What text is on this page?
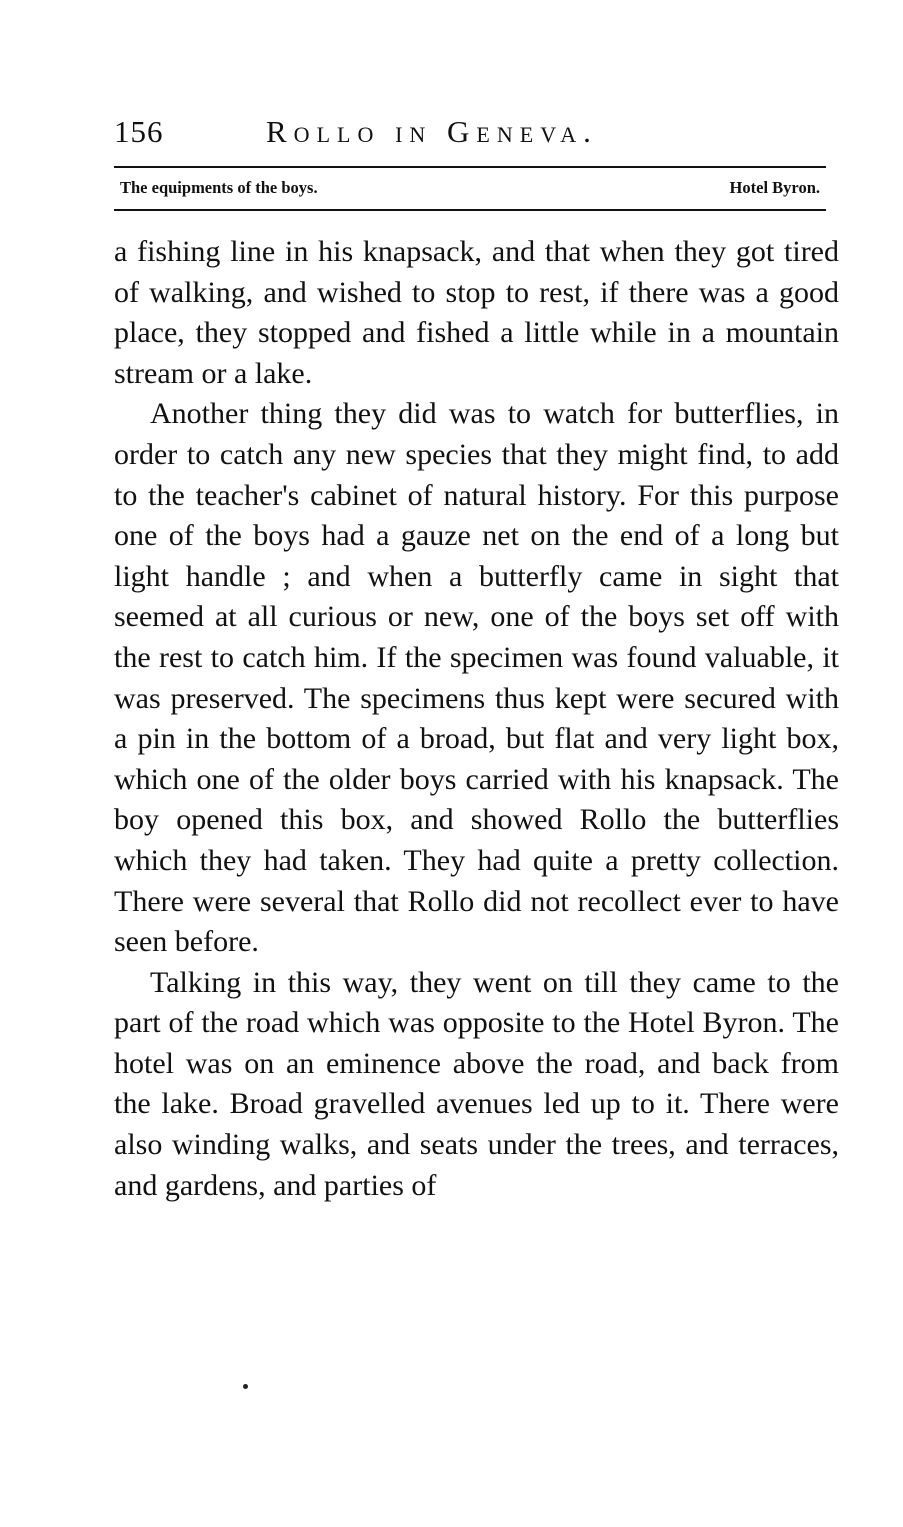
156	Rollo in Geneva.
The equipments of the boys.	Hotel Byron.

a fishing line in his knapsack, and that when they got tired of walking, and wished to stop to rest, if there was a good place, they stopped and fished a little while in a mountain stream or a lake.

Another thing they did was to watch for butterflies, in order to catch any new species that they might find, to add to the teacher's cabinet of natural history. For this purpose one of the boys had a gauze net on the end of a long but light handle ; and when a butterfly came in sight that seemed at all curious or new, one of the boys set off with the rest to catch him. If the specimen was found valuable, it was preserved. The specimens thus kept were secured with a pin in the bottom of a broad, but flat and very light box, which one of the older boys carried with his knapsack. The boy opened this box, and showed Rollo the butterflies which they had taken. They had quite a pretty collection. There were several that Rollo did not recollect ever to have seen before.

Talking in this way, they went on till they came to the part of the road which was opposite to the Hotel Byron. The hotel was on an eminence above the road, and back from the lake. Broad gravelled avenues led up to it. There were also winding walks, and seats under the trees, and terraces, and gardens, and parties of
